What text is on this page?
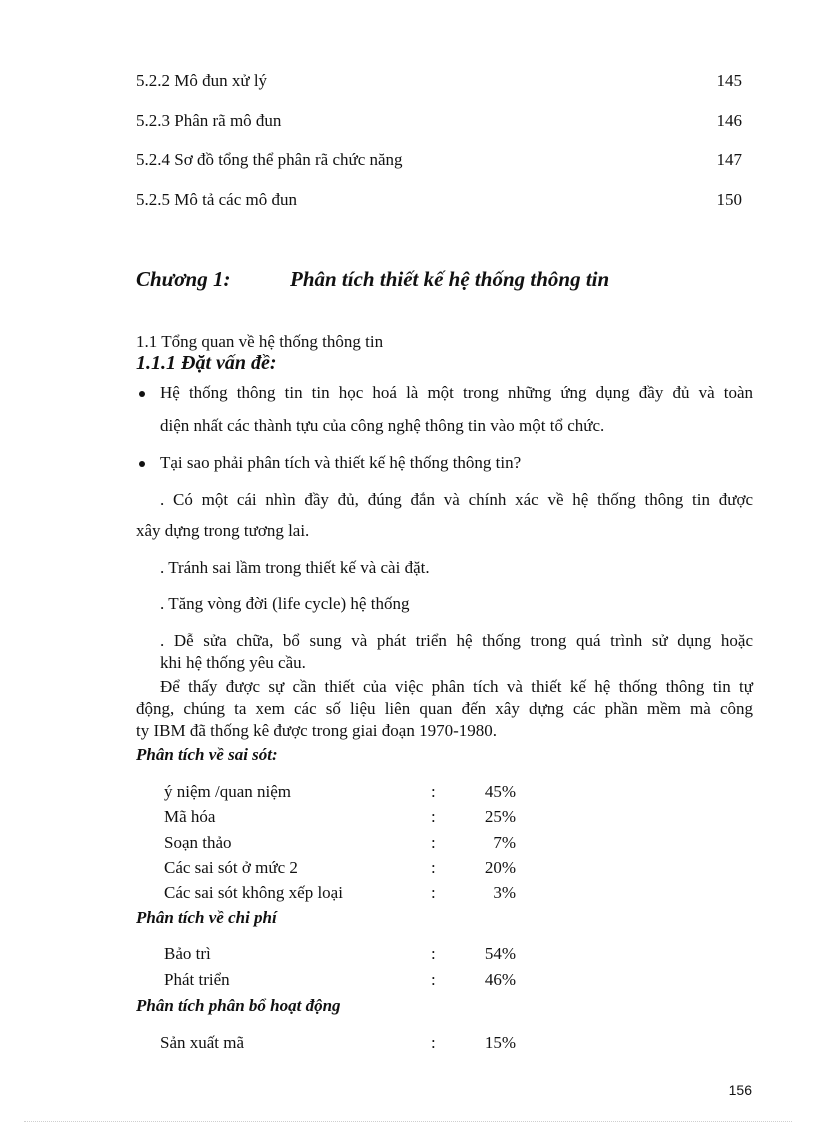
5.2.2 Mô đun xử lý	145
5.2.3 Phân rã mô đun	146
5.2.4 Sơ đồ tổng thể phân rã chức năng	147
5.2.5 Mô tả các mô đun	150
Chương 1:	Phân tích thiết kế hệ thống thông tin
1.1 Tổng quan về hệ thống thông tin
1.1.1 Đặt vấn đề:
Hệ thống thông tin tin học hoá là một trong những ứng dụng đầy đủ và toàn
diện nhất các thành tựu của công nghệ thông tin vào một tổ chức.
Tại sao phải phân tích và thiết kế hệ thống thông tin?
. Có một cái nhìn đầy đủ, đúng đắn và chính xác về hệ thống thông tin được
xây dựng trong tương lai.
. Tránh sai lầm trong thiết kế và cài đặt.
. Tăng vòng đời (life cycle) hệ thống
. Dễ sửa chữa, bổ sung và phát triển hệ thống trong quá trình sử dụng hoặc
khi hệ thống yêu cầu.
Để thấy được sự cần thiết của việc phân tích và thiết kế hệ thống thông tin tự
động, chúng ta xem các số liệu liên quan đến xây dựng các phần mềm mà công
ty IBM đã thống kê được trong giai đoạn 1970-1980.
Phân tích về sai sót:
ý niệm /quan niệm	:	45%
Mã hóa	:	25%
Soạn thảo	:	7%
Các sai sót ở mức 2	:	20%
Các sai sót không xếp loại	:	3%
Phân tích về chi phí
Bảo trì	:	54%
Phát triển	:	46%
Phân tích phân bổ hoạt động
Sản xuất mã	:	15%
156
